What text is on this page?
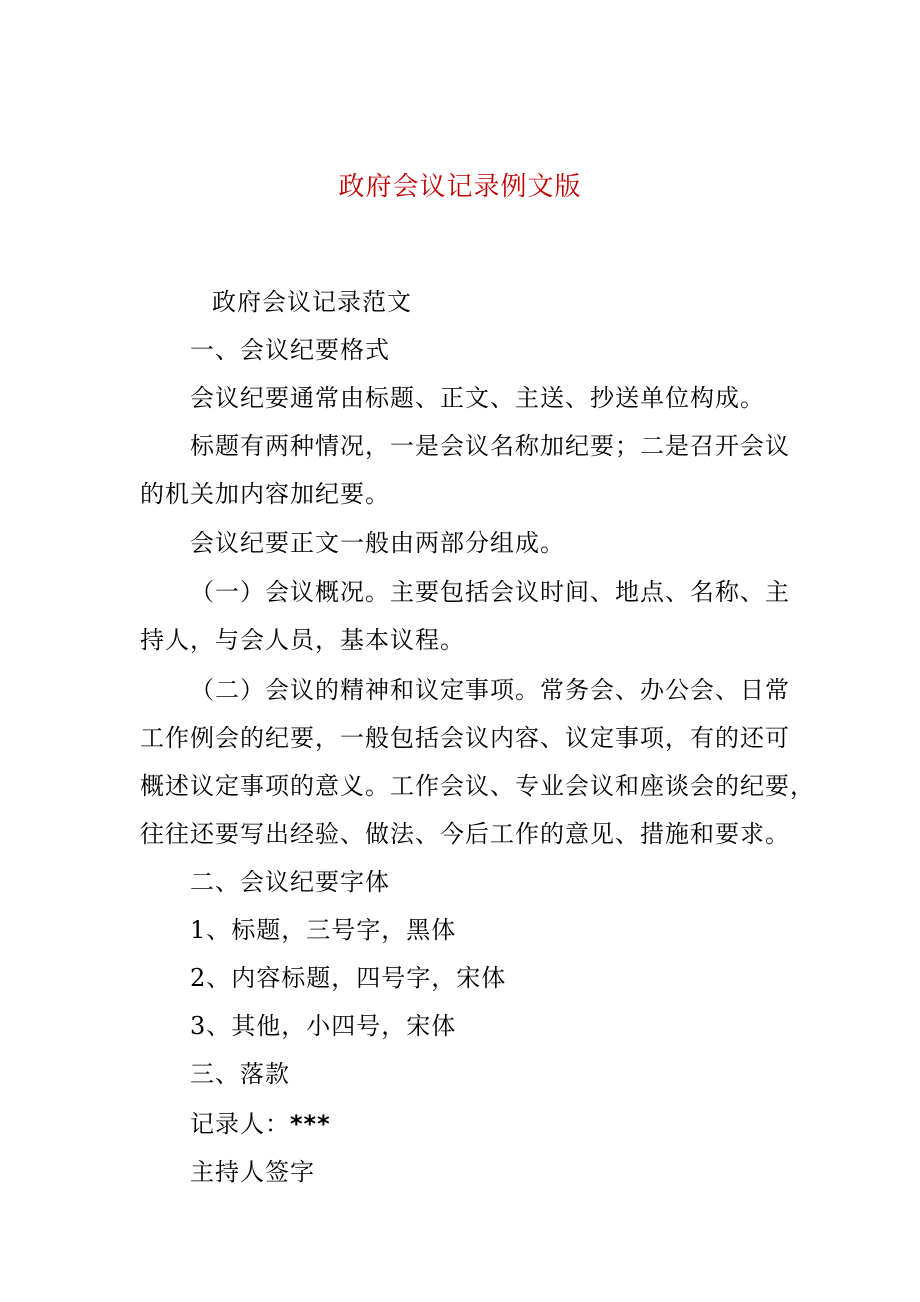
政府会议记录例文版
政府会议记录范文
一、会议纪要格式
会议纪要通常由标题、正文、主送、抄送单位构成。
标题有两种情况，一是会议名称加纪要；二是召开会议
的机关加内容加纪要。
会议纪要正文一般由两部分组成。
（一）会议概况。主要包括会议时间、地点、名称、主
持人，与会人员，基本议程。
（二）会议的精神和议定事项。常务会、办公会、日常
工作例会的纪要，一般包括会议内容、议定事项，有的还可
概述议定事项的意义。工作会议、专业会议和座谈会的纪要，
往往还要写出经验、做法、今后工作的意见、措施和要求。
二、会议纪要字体
1、标题，三号字，黑体
2、内容标题，四号字，宋体
3、其他，小四号，宋体
三、落款
记录人：***
主持人签字
